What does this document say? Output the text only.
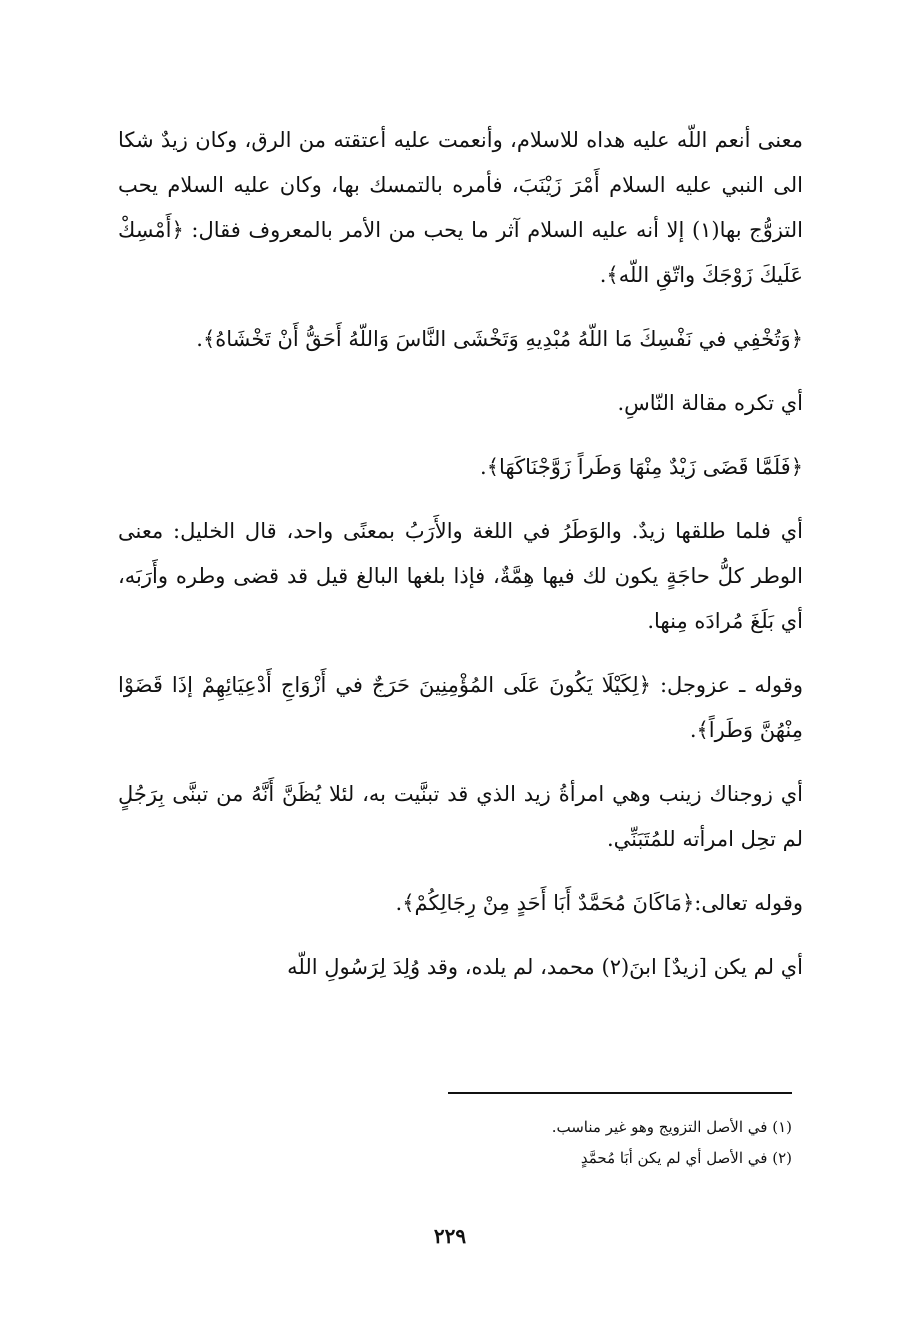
معنى أنعم اللّه عليه هداه للاسلام، وأنعمت عليه أعتقته من الرق، وكان زيدٌ شكا الى النبي عليه السلام أَمْرَ زَيْنَبَ، فأمره بالتمسك بها، وكان عليه السلام يحب التزوُّج بها(١) إلا أنه عليه السلام آثر ما يحب من الأمر بالمعروف فقال: ﴿أَمْسِكْ عَلَيكَ زَوْجَكَ واتّقِ اللّه﴾.

﴿وَتُخْفِي في نَفْسِكَ مَا اللّهُ مُبْدِيهِ وَتَخْشَى النَّاسَ وَاللّهُ أَحَقُّ أَنْ تَخْشَاهُ﴾.

أي تكره مقالة النّاسِ.

﴿فَلَمَّا قَضَى زَيْدٌ مِنْهَا وَطَراً زَوَّجْنَاكَهَا﴾.

أي فلما طلقها زيدٌ. والوَطَرُ في اللغة والأَرَبُ بمعنًى واحد، قال الخليل: معنى الوطر كلُّ حاجَةٍ يكون لك فيها هِمَّةٌ، فإذا بلغها البالغ قيل قد قضى وطره وأَرَبَه، أي بَلَغَ مُرادَه مِنها.

وقوله ـ عزوجل: ﴿لِكَيْلَا يَكُونَ عَلَى المُؤْمِنِينَ حَرَجٌ في أَزْوَاجِ أَدْعِيَائِهِمْ إذَا قَضَوْا مِنْهُنَّ وَطَراً﴾.

أي زوجناك زينب وهي امرأةُ زيد الذي قد تبنَّيت به، لئلا يُظَنَّ أَنَّهُ من تبنَّى بِرَجُلٍ لم تحِل امرأته للمُتَبَنِّي.

وقوله تعالى:﴿مَاكَانَ مُحَمَّدٌ أَبَا أَحَدٍ مِنْ رِجَالِكُمْ﴾.

أي لم يكن [زيدٌ] ابنَ(٢) محمد، لم يلده، وقد وُلِدَ لِرَسُولِ اللّه

(١) في الأصل التزويج وهو غير مناسب.

(٢) في الأصل أي لم يكن أبَا مُحمَّدٍ

٢٢٩
